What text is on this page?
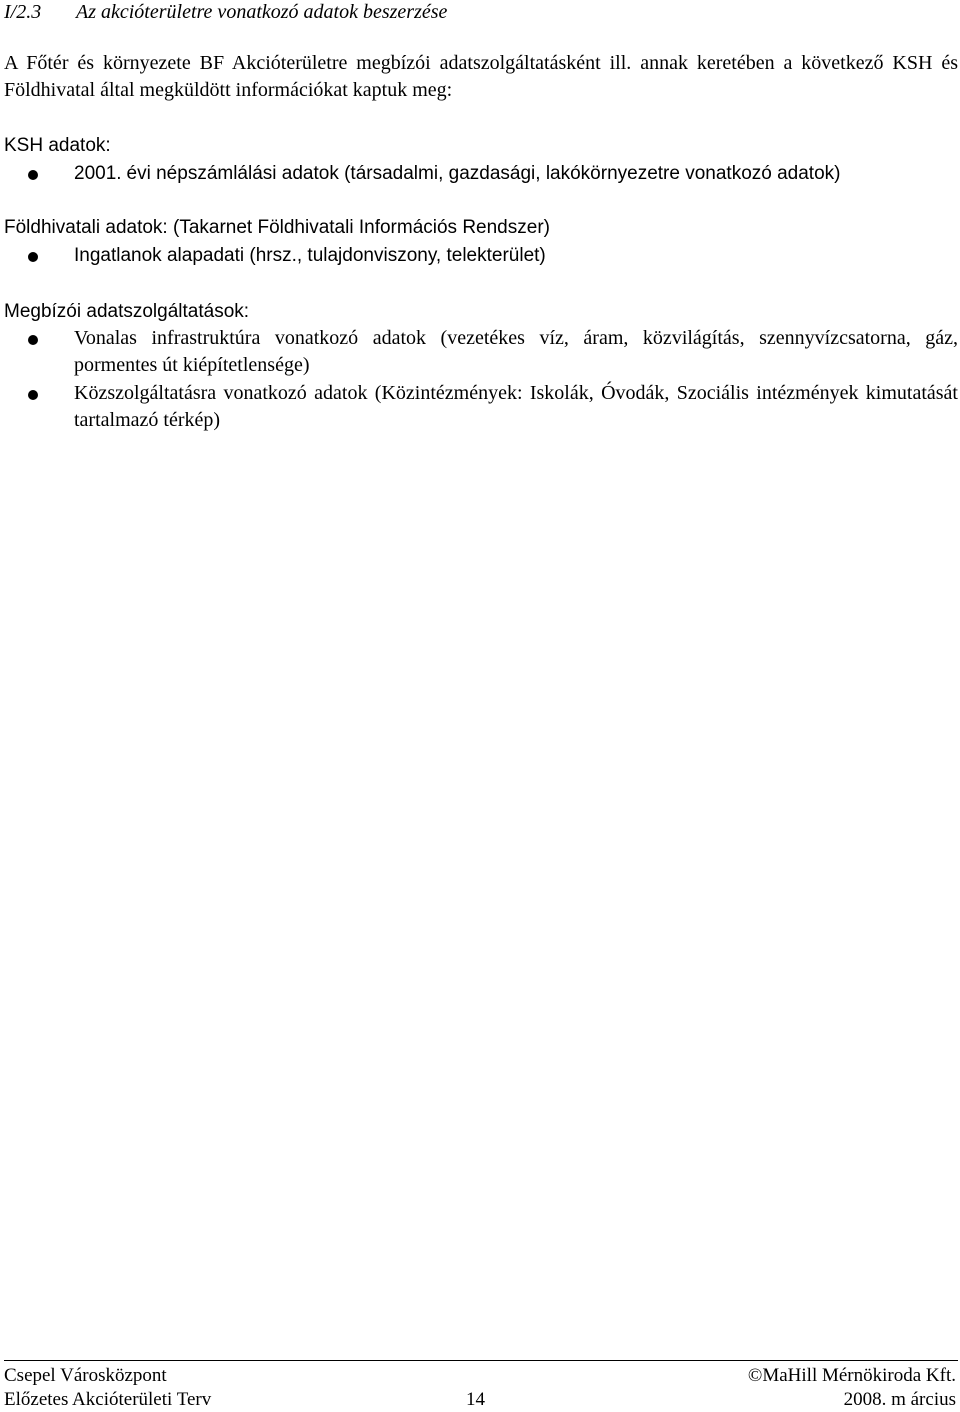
I/2.3 Az akcióterületre vonatkozó adatok beszerzése
A Főtér és környezete BF Akcióterületre megbízói adatszolgáltatásként ill. annak keretében a következő KSH és Földhivatal által megküldött információkat kaptuk meg:
KSH adatok:
2001. évi népszámlálási adatok (társadalmi, gazdasági, lakókörnyezetre vonatkozó adatok)
Földhivatali adatok: (Takarnet Földhivatali Információs Rendszer)
Ingatlanok alapadati (hrsz., tulajdonviszony, telekterület)
Megbízói adatszolgáltatások:
Vonalas infrastruktúra vonatkozó adatok (vezetékes víz, áram, közvilágítás, szennyvízcsatorna, gáz, pormentes út kiépítetlensége)
Közszolgáltatásra vonatkozó adatok (Közintézmények: Iskolák, Óvodák, Szociális intézmények kimutatását tartalmazó térkép)
Csepel Városközpont	©MaHill Mérnökiroda Kft.
Előzetes Akcióterületi Terv	14	2008. m árcius
